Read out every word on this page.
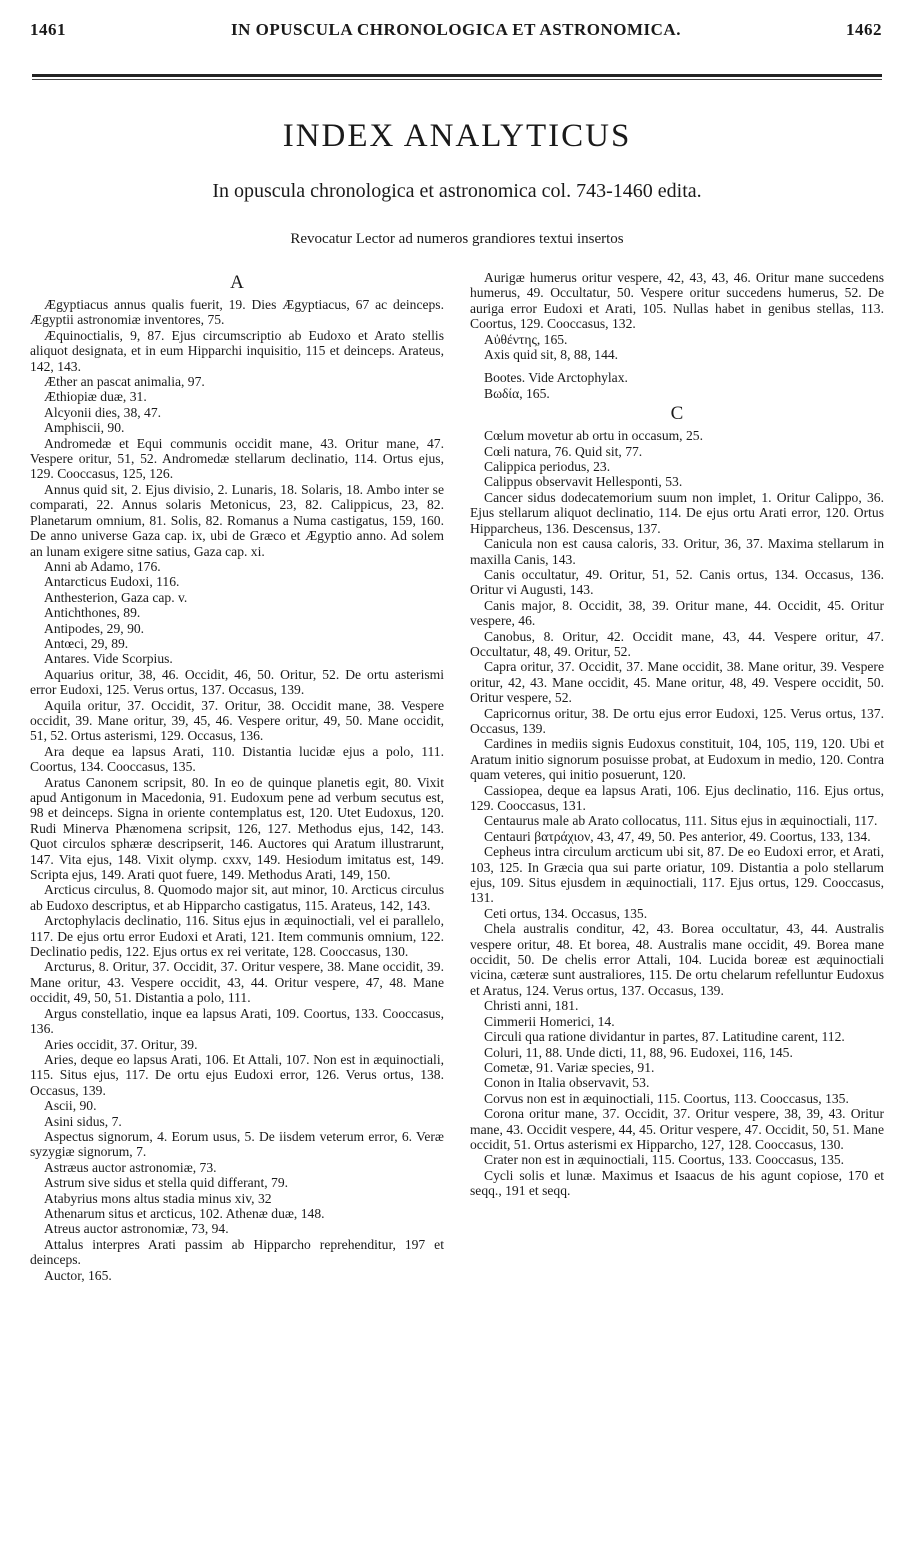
1461	IN OPUSCULA CHRONOLOGICA ET ASTRONOMICA.	1462
INDEX ANALYTICUS
In opuscula chronologica et astronomica col. 743-1460 edita.
Revocatur Lector ad numeros grandiores textui insertos
A

Ægyptiacus annus qualis fuerit, 19. Dies Ægyptiacus, 67 ac deinceps. Ægyptii astronomiæ inventores, 75.

Æquinoctialis, 9, 87. Ejus circumscriptio ab Eudoxo et Arato stellis aliquot designata, et in eum Hipparchi inquisitio, 115 et deinceps. Arateus, 142, 143.

Æther an pascat animalia, 97.

Æthiopiæ duæ, 31.

Alcyonii dies, 38, 47.

Amphiscii, 90.

Andromedæ et Equi communis occidit mane, 43. Oritur mane, 47. Vespere oritur, 51, 52. Andromedæ stellarum declinatio, 114. Ortus ejus, 129. Cooccasus, 125, 126.

Annus quid sit, 2. Ejus divisio, 2. Lunaris, 18. Solaris, 18. Ambo inter se comparati, 22. Annus solaris Metonicus, 23, 82. Calippicus, 23, 82. Planetarum omnium, 81. Solis, 82. Romanus a Numa castigatus, 159, 160. De anno universe Gaza cap. ix, ubi de Græco et Ægyptio anno. Ad solem an lunam exigere sitne satius, Gaza cap. xi.

Anni ab Adamo, 176.

Antarcticus Eudoxi, 116.

Anthesterion, Gaza cap. v.

Antichthones, 89.

Antipodes, 29, 90.

Antœci, 29, 89.

Antares. Vide Scorpius.

Aquarius oritur, 38, 46. Occidit, 46, 50. Oritur, 52. De ortu asterismi error Eudoxi, 125. Verus ortus, 137. Occasus, 139.

Aquila oritur, 37. Occidit, 37. Oritur, 38. Occidit mane, 38. Vespere occidit, 39. Mane oritur, 39, 45, 46. Vespere oritur, 49, 50. Mane occidit, 51, 52. Ortus asterismi, 129. Occasus, 136.

Ara deque ea lapsus Arati, 110. Distantia lucidæ ejus a polo, 111. Coortus, 134. Cooccasus, 135.

Aratus Canonem scripsit, 80. In eo de quinque planetis egit, 80. Vixit apud Antigonum in Macedonia, 91. Eudoxum pene ad verbum secutus est, 98 et deinceps. Signa in oriente contemplatus est, 120. Utet Eudoxus, 120. Rudi Minerva Phænomena scripsit, 126, 127. Methodus ejus, 142, 143. Quot circulos sphæræ descripserit, 146. Auctores qui Aratum illustrarunt, 147. Vita ejus, 148. Vixit olymp. cxxv, 149. Hesiodum imitatus est, 149. Scripta ejus, 149. Arati quot fuere, 149. Methodus Arati, 149, 150.

Arcticus circulus, 8. Quomodo major sit, aut minor, 10. Arcticus circulus ab Eudoxo descriptus, et ab Hipparcho castigatus, 115. Arateus, 142, 143.

Arctophylacis declinatio, 116. Situs ejus in æquinoctiali, vel ei parallelo, 117. De ejus ortu error Eudoxi et Arati, 121. Item communis omnium, 122. Declinatio pedis, 122. Ejus ortus ex rei veritate, 128. Cooccasus, 130.

Arcturus, 8. Oritur, 37. Occidit, 37. Oritur vespere, 38. Mane occidit, 39. Mane oritur, 43. Vespere occidit, 43, 44. Oritur vespere, 47, 48. Mane occidit, 49, 50, 51. Distantia a polo, 111.

Argus constellatio, inque ea lapsus Arati, 109. Coortus, 133. Cooccasus, 136.

Aries occidit, 37. Oritur, 39.

Aries, deque eo lapsus Arati, 106. Et Attali, 107. Non est in æquinoctiali, 115. Situs ejus, 117. De ortu ejus Eudoxi error, 126. Verus ortus, 138. Occasus, 139.

Ascii, 90.

Asini sidus, 7.

Aspectus signorum, 4. Eorum usus, 5. De iisdem veterum error, 6. Veræ syzygiæ signorum, 7.

Astræus auctor astronomiæ, 73.

Astrum sive sidus et stella quid differant, 79.

Atabyrius mons altus stadia minus xiv, 32

Athenarum situs et arcticus, 102. Athenæ duæ, 148.

Atreus auctor astronomiæ, 73, 94.

Attalus interpres Arati passim ab Hipparcho reprehenditur, 197 et deinceps.

Auctor, 165.

Aurigæ humerus oritur vespere, 42, 43, 43, 46. Oritur mane succedens humerus, 49. Occultatur, 50. Vespere oritur succedens humerus, 52. De auriga error Eudoxi et Arati, 105. Nullas habet in genibus stellas, 113. Coortus, 129. Cooccasus, 132.

Αὐθέντης, 165.

Axis quid sit, 8, 88, 144.

Bootes. Vide Arctophylax.

Βωδία, 165.

C

Cœlum movetur ab ortu in occasum, 25.

Cœli natura, 76. Quid sit, 77.

Calippica periodus, 23.

Calippus observavit Hellesponti, 53.

Cancer sidus dodecatemorium suum non implet, 1. Oritur Calippo, 36. Ejus stellarum aliquot declinatio, 114. De ejus ortu Arati error, 120. Ortus Hipparcheus, 136. Descensus, 137.

Canicula non est causa caloris, 33. Oritur, 36, 37. Maxima stellarum in maxilla Canis, 143.

Canis occultatur, 49. Oritur, 51, 52. Canis ortus, 134. Occasus, 136. Oritur vi Augusti, 143.

Canis major, 8. Occidit, 38, 39. Oritur mane, 44. Occidit, 45. Oritur vespere, 46.

Canobus, 8. Oritur, 42. Occidit mane, 43, 44. Vespere oritur, 47. Occultatur, 48, 49. Oritur, 52.

Capra oritur, 37. Occidit, 37. Mane occidit, 38. Mane oritur, 39. Vespere oritur, 42, 43. Mane occidit, 45. Mane oritur, 48, 49. Vespere occidit, 50. Oritur vespere, 52.

Capricornus oritur, 38. De ortu ejus error Eudoxi, 125. Verus ortus, 137. Occasus, 139.

Cardines in mediis signis Eudoxus constituit, 104, 105, 119, 120. Ubi et Aratum initio signorum posuisse probat, at Eudoxum in medio, 120. Contra quam veteres, qui initio posuerunt, 120.

Cassiopea, deque ea lapsus Arati, 106. Ejus declinatio, 116. Ejus ortus, 129. Cooccasus, 131.

Centaurus male ab Arato collocatus, 111. Situs ejus in æquinoctiali, 117.

Centauri βατράχιον, 43, 47, 49, 50. Pes anterior, 49. Coortus, 133, 134.

Cepheus intra circulum arcticum ubi sit, 87. De eo Eudoxi error, et Arati, 103, 125. In Græcia qua sui parte oriatur, 109. Distantia a polo stellarum ejus, 109. Situs ejusdem in æquinoctiali, 117. Ejus ortus, 129. Cooccasus, 131.

Ceti ortus, 134. Occasus, 135.

Chela australis conditur, 42, 43. Borea occultatur, 43, 44. Australis vespere oritur, 48. Et borea, 48. Australis mane occidit, 49. Borea mane occidit, 50. De chelis error Attali, 104. Lucida boreæ est æquinoctiali vicina, cæteræ sunt australiores, 115. De ortu chelarum refelluntur Eudoxus et Aratus, 124. Verus ortus, 137. Occasus, 139.

Christi anni, 181.

Cimmerii Homerici, 14.

Circuli qua ratione dividantur in partes, 87. Latitudine carent, 112.

Coluri, 11, 88. Unde dicti, 11, 88, 96. Eudoxei, 116, 145.

Cometæ, 91. Variæ species, 91.

Conon in Italia observavit, 53.

Corvus non est in æquinoctiali, 115. Coortus, 113. Cooccasus, 135.

Corona oritur mane, 37. Occidit, 37. Oritur vespere, 38, 39, 43. Oritur mane, 43. Occidit vespere, 44, 45. Oritur vespere, 47. Occidit, 50, 51. Mane occidit, 51. Ortus asterismi ex Hipparcho, 127, 128. Cooccasus, 130.

Crater non est in æquinoctiali, 115. Coortus, 133. Cooccasus, 135.

Cycli solis et lunæ. Maximus et Isaacus de his agunt copiose, 170 et seqq., 191 et seqq.
